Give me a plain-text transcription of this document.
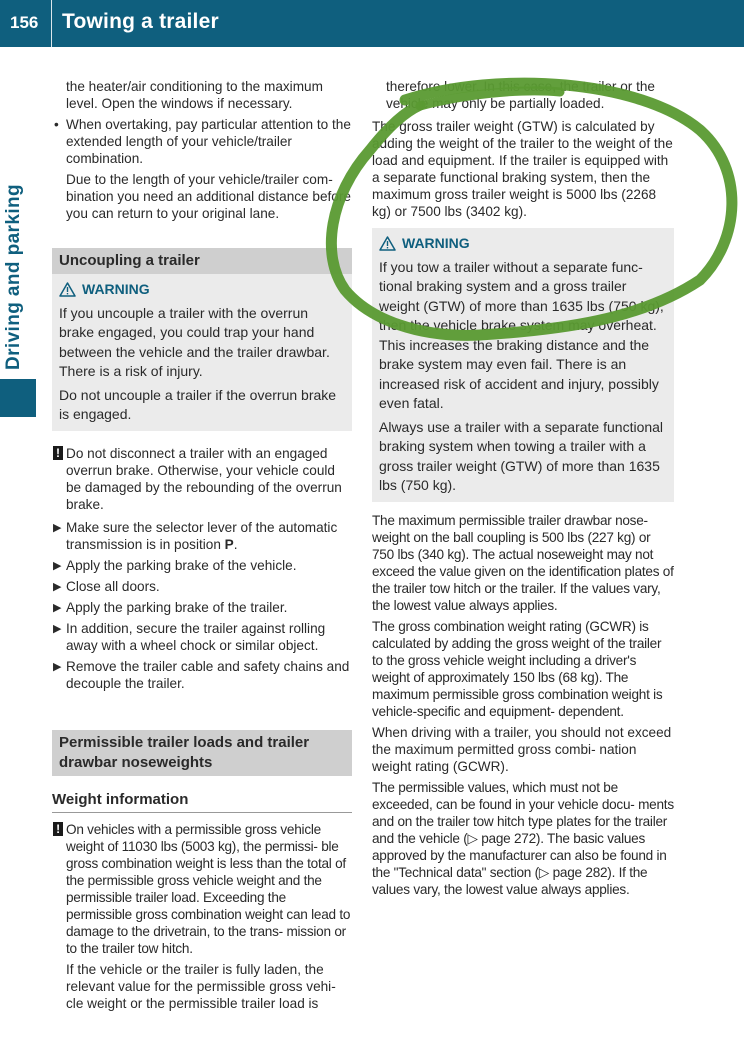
156 Towing a trailer
Driving and parking

the heater/air conditioning to the maximum level. Open the windows if necessary.

• When overtaking, pay particular attention to the extended length of your vehicle/trailer combination.

Due to the length of your vehicle/trailer com- bination you need an additional distance before you can return to your original lane.

Uncoupling a trailer
WARNING

If you uncouple a trailer with the overrun brake engaged, you could trap your hand between the vehicle and the trailer drawbar. There is a risk of injury.

Do not uncouple a trailer if the overrun brake is engaged.

! Do not disconnect a trailer with an engaged overrun brake. Otherwise, your vehicle could be damaged by the rebounding of the overrun brake.
▶ Make sure the selector lever of the automatic transmission is in position P.
▶ Apply the parking brake of the vehicle.
▶ Close all doors.
▶ Apply the parking brake of the trailer.
▶ In addition, secure the trailer against rolling away with a wheel chock or similar object.
▶ Remove the trailer cable and safety chains and decouple the trailer.
Permissible trailer loads and trailer drawbar noseweights
Weight information
! On vehicles with a permissible gross vehicle weight of 11030 lbs (5003 kg), the permissi- ble gross combination weight is less than the total of the permissible gross vehicle weight and the permissible trailer load. Exceeding the permissible gross combination weight can lead to damage to the drivetrain, to the trans- mission or to the trailer tow hitch.

If the vehicle or the trailer is fully laden, the relevant value for the permissible gross vehi- cle weight or the permissible trailer load is

therefore lower. In this case, the trailer or the vehicle may only be partially loaded.

The gross trailer weight (GTW) is calculated by adding the weight of the trailer to the weight of the load and equipment. If the trailer is equipped with a separate functional braking system, then the maximum gross trailer weight is 5000 lbs (2268 kg) or 7500 lbs (3402 kg).

WARNING

If you tow a trailer without a separate func- tional braking system and a gross trailer weight (GTW) of more than 1635 lbs (750 kg), then the vehicle brake system may overheat. This increases the braking distance and the brake system may even fail. There is an increased risk of accident and injury, possibly even fatal.

Always use a trailer with a separate functional braking system when towing a trailer with a gross trailer weight (GTW) of more than 1635 lbs (750 kg).

The maximum permissible trailer drawbar nose- weight on the ball coupling is 500 lbs (227 kg) or 750 lbs (340 kg). The actual noseweight may not exceed the value given on the identification plates of the trailer tow hitch or the trailer. If the values vary, the lowest value always applies.

The gross combination weight rating (GCWR) is calculated by adding the gross weight of the trailer to the gross vehicle weight including a driver's weight of approximately 150 lbs (68 kg). The maximum permissible gross combination weight is vehicle-specific and equipment- dependent.

When driving with a trailer, you should not exceed the maximum permitted gross combi- nation weight rating (GCWR).

The permissible values, which must not be exceeded, can be found in your vehicle docu- ments and on the trailer tow hitch type plates for the trailer and the vehicle (▷ page 272). The basic values approved by the manufacturer can also be found in the "Technical data" section (▷ page 282). If the values vary, the lowest value always applies.
